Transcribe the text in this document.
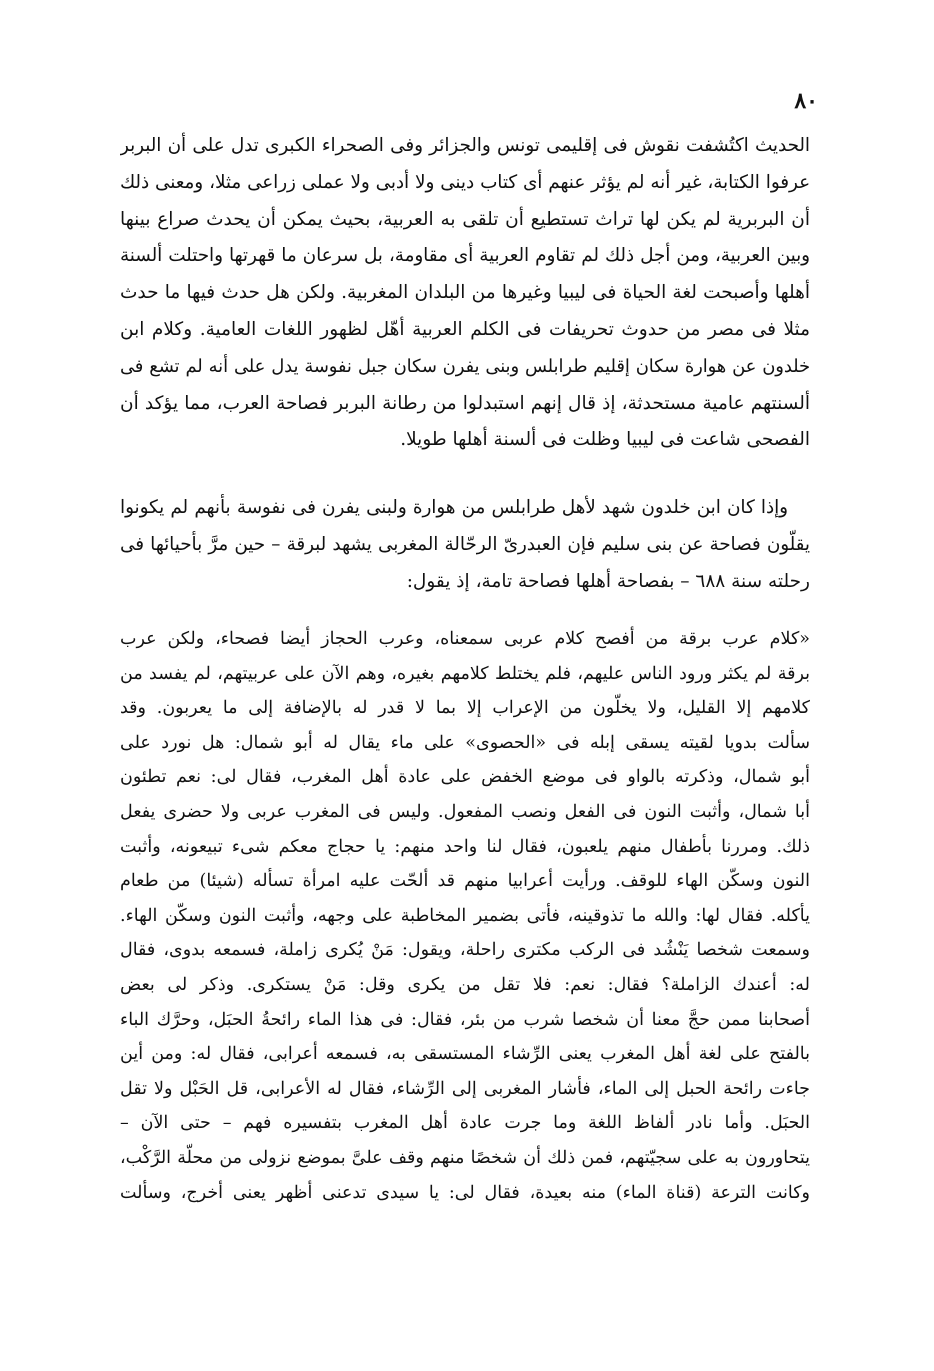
٨٠
الحديث اكتُشفت نقوش فى إقليمى تونس والجزائر وفى الصحراء الكبرى تدل على أن البربر
عرفوا الكتابة، غير أنه لم يؤثر عنهم أى كتاب دينى ولا أدبى ولا عملى زراعى مثلا، ومعنى ذلك
أن البربرية لم يكن لها تراث تستطيع أن تلقى به العربية، بحيث يمكن أن يحدث صراع بينها
وبين العربية، ومن أجل ذلك لم تقاوم العربية أى مقاومة، بل سرعان ما قهرتها واحتلت ألسنة
أهلها وأصبحت لغة الحياة فى ليبيا وغيرها من البلدان المغربية. ولكن هل حدث فيها ما حدث
مثلا فى مصر من حدوث تحريفات فى الكلم العربية أهّل لظهور اللغات العامية. وكلام ابن
خلدون عن هوارة سكان إقليم طرابلس وبنى يفرن سكان جبل نفوسة يدل على أنه لم تشع فى
ألسنتهم عامية مستحدثة، إذ قال إنهم استبدلوا من رطانة البربر فصاحة العرب، مما يؤكد أن
الفصحى شاعت فى ليبيا وظلت فى ألسنة أهلها طويلا.
وإذا كان ابن خلدون شهد لأهل طرابلس من هوارة ولبنى يفرن فى نفوسة بأنهم لم يكونوا
يقلّون فصاحة عن بنى سليم فإن العبدرىّ الرحّالة المغربى يشهد لبرقة – حين مرَّ بأحيائها فى
رحلته سنة ٦٨٨ – بفصاحة أهلها فصاحة تامة، إذ يقول:
«كلام عرب برقة من أفصح كلام عربى سمعناه، وعرب الحجاز أيضا فصحاء، ولكن عرب
برقة لم يكثر ورود الناس عليهم، فلم يختلط كلامهم بغيره، وهم الآن على عربيتهم، لم يفسد من
كلامهم إلا القليل، ولا يخلّون من الإعراب إلا بما لا قدر له بالإضافة إلى ما يعربون. وقد
سألت بدويا لقيته يسقى إبله فى «الحصوى» على ماء يقال له أبو شمال: هل نورد على
أبو شمال، وذكرته بالواو فى موضع الخفض على عادة أهل المغرب، فقال لى: نعم تطئون
أبا شمال، وأثبت النون فى الفعل ونصب المفعول. وليس فى المغرب عربى ولا حضرى يفعل
ذلك. ومررنا بأطفال منهم يلعبون، فقال لنا واحد منهم: يا حجاج معكم شىء تبيعونه، وأثبت
النون وسكّن الهاء للوقف. ورأيت أعرابيا منهم قد ألحّت عليه امرأة تسأله (شيئا) من طعام
يأكله. فقال لها: والله ما تذوقينه، فأتى بضمير المخاطبة على وجهه، وأثبت النون وسكّن الهاء.
وسمعت شخصا يَنْشُد فى الركب مكترى راحلة، ويقول: مَنْ يُكرى زاملة، فسمعه بدوى، فقال
له: أعندك الزاملة؟ فقال: نعم: فلا تقل من يكرى وقل: مَنْ يستكرى. وذكر لى بعض
أصحابنا ممن حجَّ معنا أن شخصا شرب من بئر، فقال: فى هذا الماء رائحةُ الحبَل، وحرَّك الباء
بالفتح على لغة أهل المغرب يعنى الرِّشاء المستسقى به، فسمعه أعرابى، فقال له: ومن أين
جاءت رائحة الحبل إلى الماء، فأشار المغربى إلى الرِّشاء، فقال له الأعرابى، قل الحَبْل ولا تقل
الحبَل. وأما نادر ألفاظ اللغة وما جرت عادة أهل المغرب بتفسيره فهم – حتى الآن –
يتحاورون به على سجيّتهم، فمن ذلك أن شخصًا منهم وقف علىَّ بموضع نزولى من محلّة الرَّكْب،
وكانت الترعة (قناة الماء) منه بعيدة، فقال لى: يا سيدى تدعنى أظهر يعنى أخرج، وسألت
